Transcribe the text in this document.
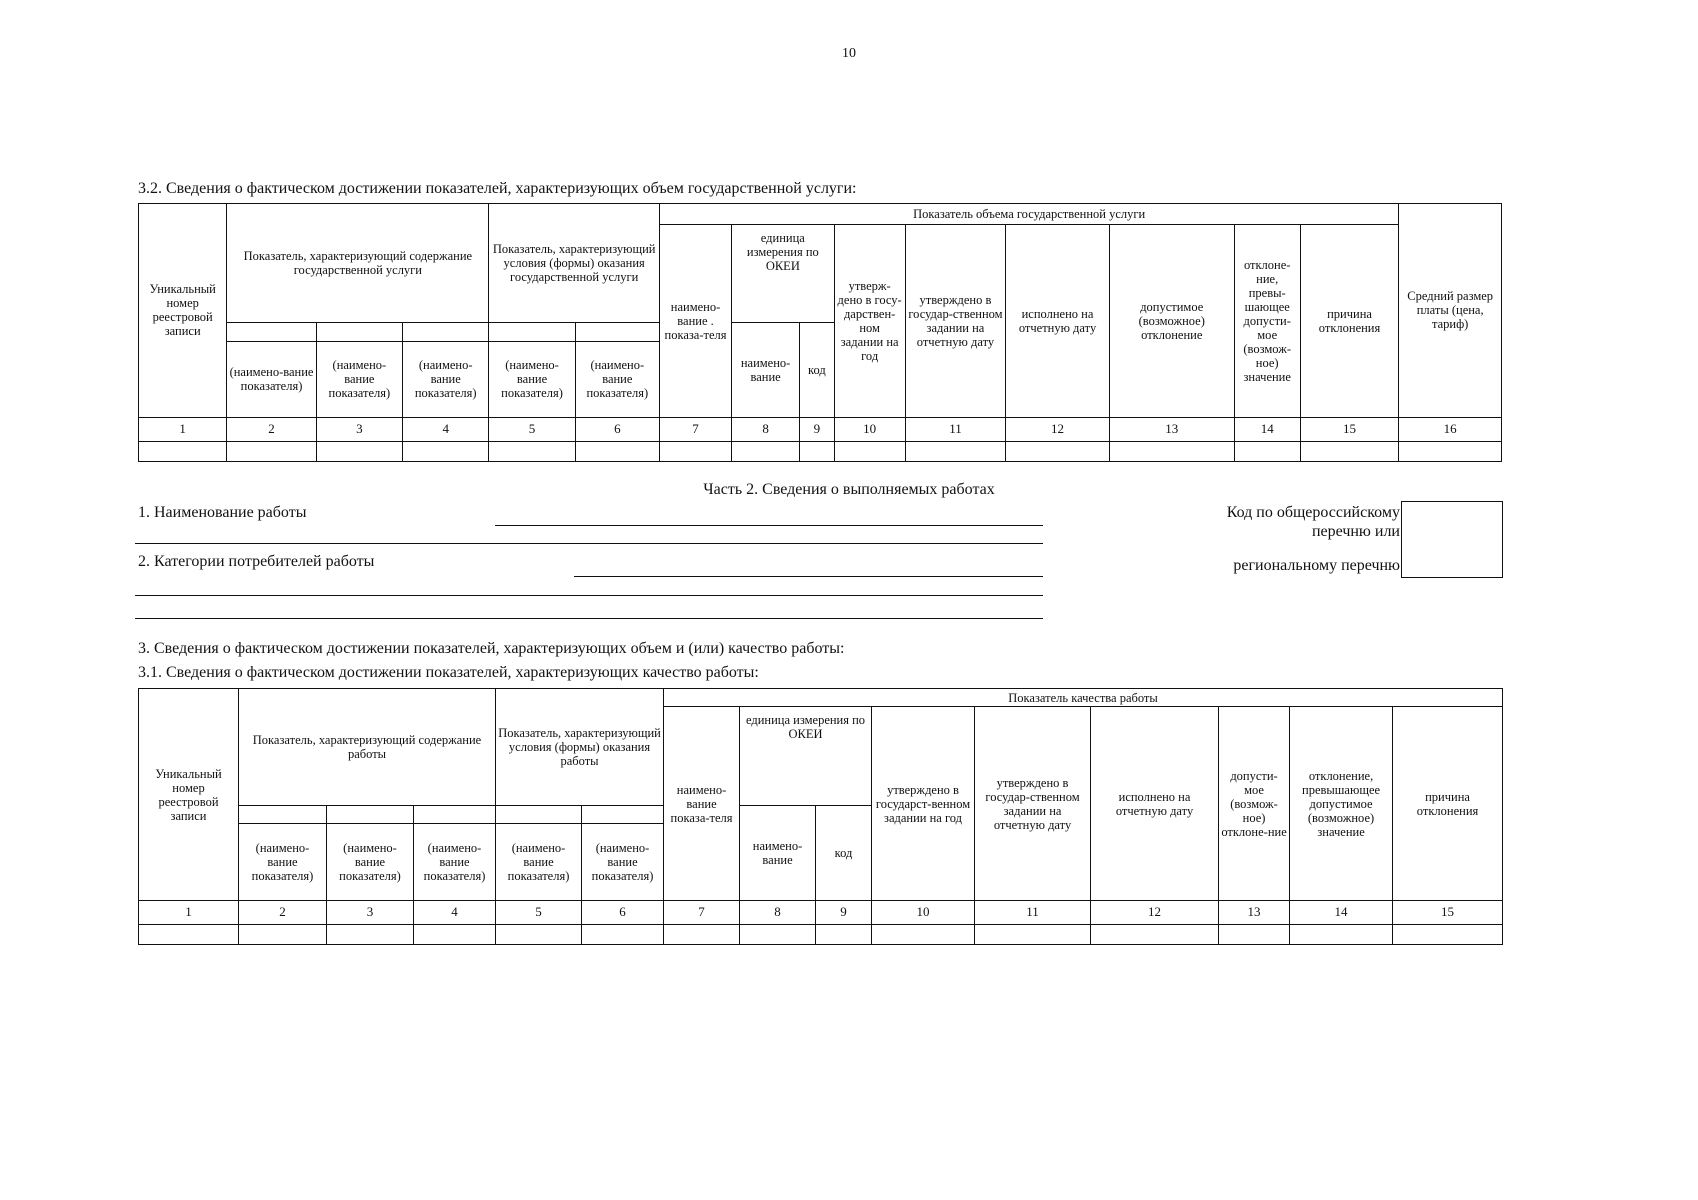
10
3.2. Сведения о фактическом достижении показателей, характеризующих объем государственной услуги:
Уникальный номер реестровой записи	Показатель, характеризующий содержание государственной услуги			Показатель, характеризующий условия (формы) оказания государственной услуги		Показатель объема государственной услуги									Средний размер платы (цена, тариф)
						наимено-вание . показа-теля	единица измерения по ОКЕИ		утверж-дено в госу-дарствен-ном задании на год	утверждено в государ-ственном задании на отчетную дату	исполнено на отчетную дату	допустимое (возможное) отклонение	отклоне-ние, превы-шающее допусти-мое (возмож-ное) значение	причина отклонения	
							наимено-вание	код							
	(наимено-вание показателя)	(наимено-вание показателя)	(наимено-вание показателя)	(наимено-вание показателя)	(наимено-вание показателя)										
1	2	3	4	5	6	7	8	9	10	11	12	13	14	15	16

Часть 2. Сведения о выполняемых работах
1. Наименование работы
2. Категории потребителей работы
Код по общероссийскому
перечню или
региональному перечню
3. Сведения о фактическом достижении показателей, характеризующих объем и (или) качество работы:
3.1. Сведения о фактическом достижении показателей, характеризующих качество работы:
Уникальный номер реестровой записи	Показатель, характеризующий содержание работы			Показатель, характеризующий условия (формы) оказания работы		Показатель качества работы								
						наимено-вание показа-теля	единица измерения по ОКЕИ		утверждено в государст-венном задании на год	утверждено в государ-ственном задании на отчетную дату	исполнено на отчетную дату	допусти-мое (возмож-ное) отклоне-ние	отклонение, превышающее допустимое (возможное) значение	причина отклонения
							наимено-вание	код						
	(наимено-вание показателя)	(наимено-вание показателя)	(наимено-вание показателя)	(наимено-вание показателя)	(наимено-вание показателя)									
1	2	3	4	5	6	7	8	9	10	11	12	13	14	15
